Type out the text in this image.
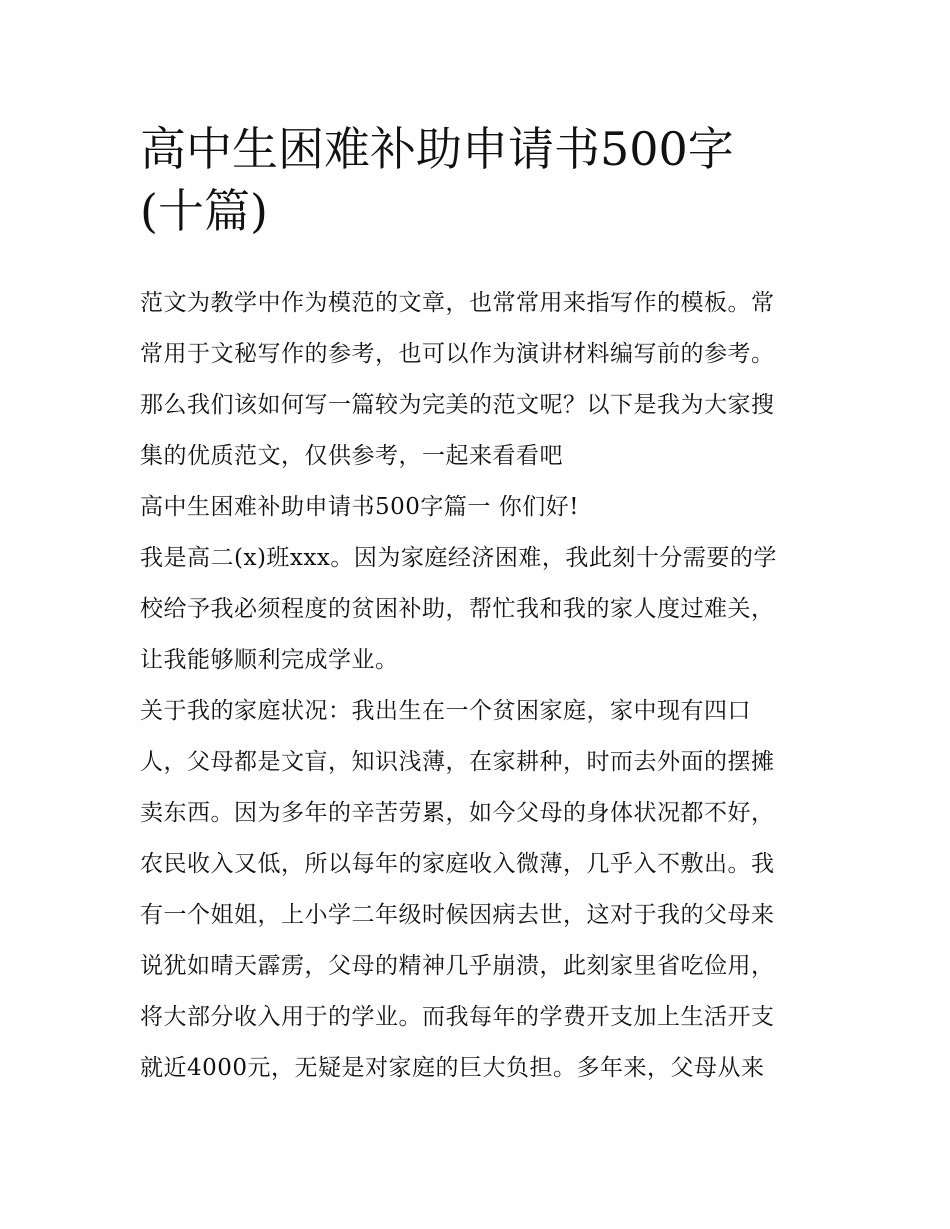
高中生困难补助申请书500字
(十篇)
范文为教学中作为模范的文章，也常常用来指写作的模板。常
常用于文秘写作的参考，也可以作为演讲材料编写前的参考。
那么我们该如何写一篇较为完美的范文呢？以下是我为大家搜
集的优质范文，仅供参考，一起来看看吧
高中生困难补助申请书500字篇一 你们好!
我是高二(x)班xxx。因为家庭经济困难，我此刻十分需要的学
校给予我必须程度的贫困补助，帮忙我和我的家人度过难关，
让我能够顺利完成学业。
关于我的家庭状况：我出生在一个贫困家庭，家中现有四口
人，父母都是文盲，知识浅薄，在家耕种，时而去外面的摆摊
卖东西。因为多年的辛苦劳累，如今父母的身体状况都不好，
农民收入又低，所以每年的家庭收入微薄，几乎入不敷出。我
有一个姐姐，上小学二年级时候因病去世，这对于我的父母来
说犹如晴天霹雳，父母的精神几乎崩溃，此刻家里省吃俭用，
将大部分收入用于的学业。而我每年的学费开支加上生活开支
就近4000元，无疑是对家庭的巨大负担。多年来，父母从来
